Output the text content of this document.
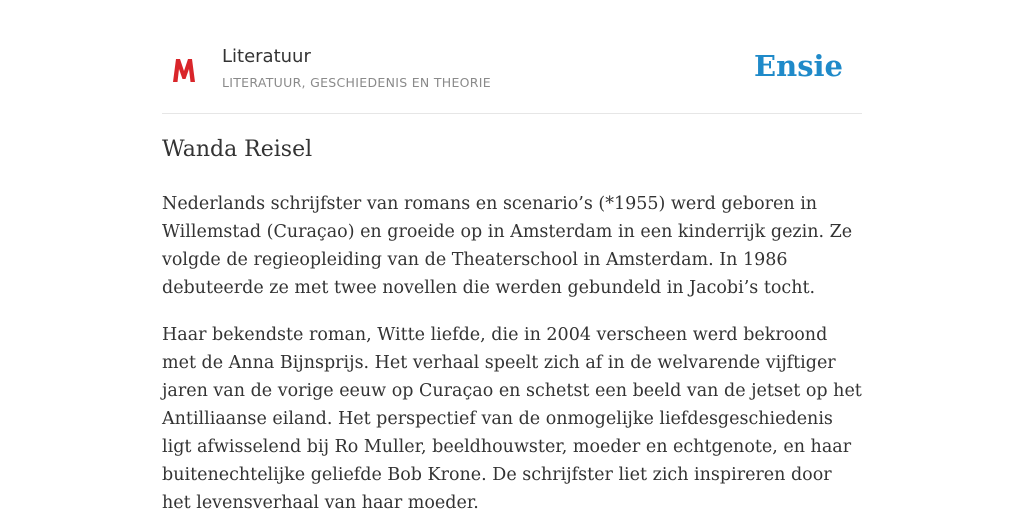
Literatuur
LITERATUUR, GESCHIEDENIS EN THEORIE	Ensie
Wanda Reisel

Nederlands schrijfster van romans en scenario’s (*1955) werd geboren in Willemstad (Curaçao) en groeide op in Amsterdam in een kinderrijk gezin. Ze volgde de regieopleiding van de Theaterschool in Amsterdam. In 1986 debuteerde ze met twee novellen die werden gebundeld in Jacobi’s tocht.

Haar bekendste roman, Witte liefde, die in 2004 verscheen werd bekroond met de Anna Bijnsprijs. Het verhaal speelt zich af in de welvarende vijftiger jaren van de vorige eeuw op Curaçao en schetst een beeld van de jetset op het Antilliaanse eiland. Het perspectief van de onmogelijke liefdesgeschiedenis ligt afwisselend bij Ro Muller, beeldhouwster, moeder en echtgenote, en haar buitenechtelijke geliefde Bob Krone. De schrijfster liet zich inspireren door het levensverhaal van haar moeder.
